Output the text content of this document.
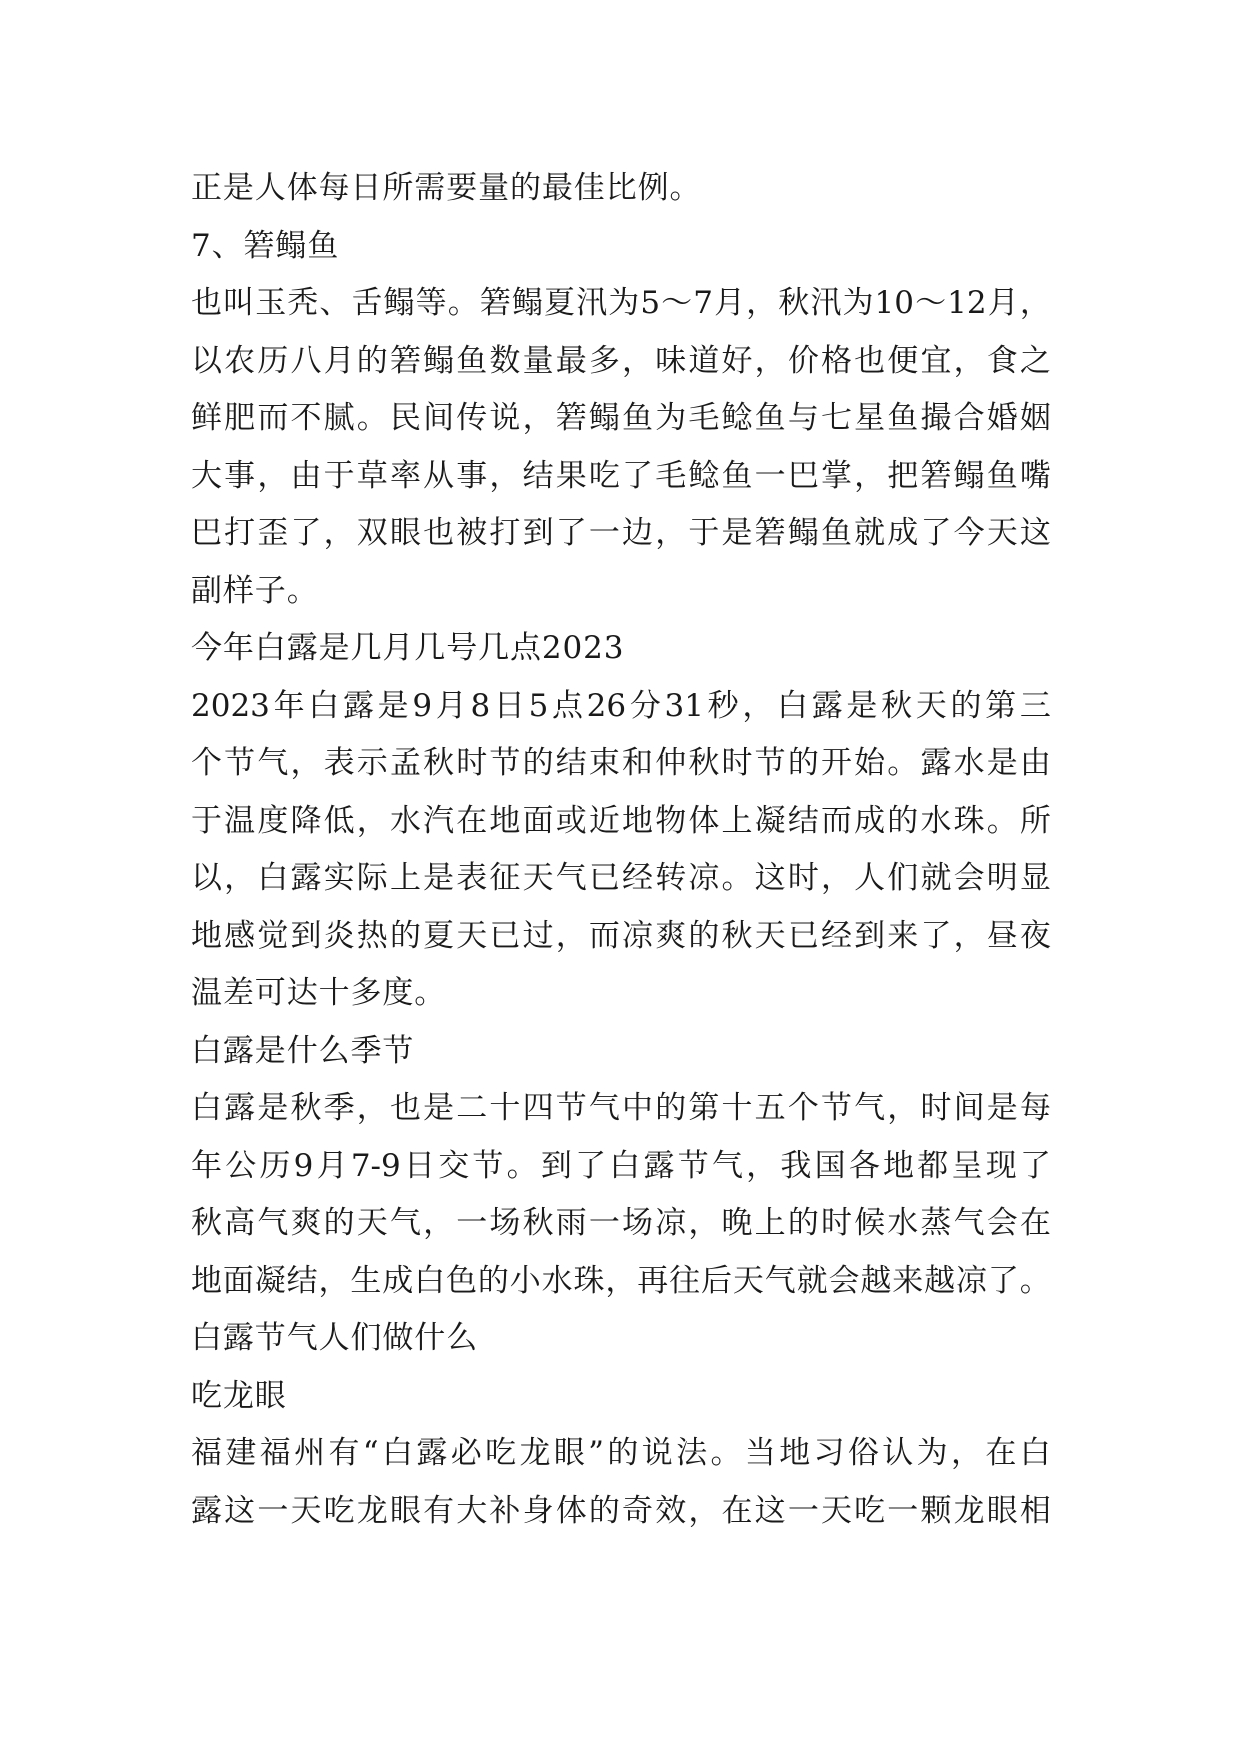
正是人体每日所需要量的最佳比例。
7、箬鳎鱼
也 叫 玉 秃 、 舌 鳎 等 。 箬 鳎 夏 汛 为 5 ～ 7 月 ， 秋 汛 为 10 ～ 12 月 ，
以 农 历 八 月 的 箬 鳎 鱼 数 量 最 多 ， 味 道 好 ， 价 格 也 便 宜 ， 食 之
鲜 肥 而 不 腻 。 民 间 传 说 ， 箬 鳎 鱼 为 毛 鲶 鱼 与 七 星 鱼 撮 合 婚 姻
大 事 ， 由 于 草 率 从 事 ， 结 果 吃 了 毛 鲶 鱼 一 巴 掌 ， 把 箬 鳎 鱼 嘴
巴 打 歪 了 ， 双 眼 也 被 打 到 了 一 边 ， 于 是 箬 鳎 鱼 就 成 了 今 天 这
副样子。
今年白露是几月几号几点2023
2023 年 白 露 是 9 月 8 日 5 点 26 分 31 秒 ， 白 露 是 秋 天 的 第 三
个 节 气 ， 表 示 孟 秋 时 节 的 结 束 和 仲 秋 时 节 的 开 始 。 露 水 是 由
于 温 度 降 低 ， 水 汽 在 地 面 或 近 地 物 体 上 凝 结 而 成 的 水 珠 。 所
以 ， 白 露 实 际 上 是 表 征 天 气 已 经 转 凉 。 这 时 ， 人 们 就 会 明 显
地 感 觉 到 炎 热 的 夏 天 已 过 ， 而 凉 爽 的 秋 天 已 经 到 来 了 ， 昼 夜
温差可达十多度。
白露是什么季节
白 露 是 秋 季 ， 也 是 二 十 四 节 气 中 的 第 十 五 个 节 气 ， 时 间 是 每
年 公 历 9 月 7-9 日 交 节 。 到 了 白 露 节 气 ， 我 国 各 地 都 呈 现 了
秋 高 气 爽 的 天 气 ， 一 场 秋 雨 一 场 凉 ， 晚 上 的 时 候 水 蒸 气 会 在
地 面 凝 结 ， 生 成 白 色 的 小 水 珠 ， 再 往 后 天 气 就 会 越 来 越 凉 了 。
白露节气人们做什么
吃龙眼
福 建 福 州 有 “ 白 露 必 吃 龙 眼 ” 的 说 法 。 当 地 习 俗 认 为 ， 在 白
露 这 一 天 吃 龙 眼 有 大 补 身 体 的 奇 效 ， 在 这 一 天 吃 一 颗 龙 眼 相
